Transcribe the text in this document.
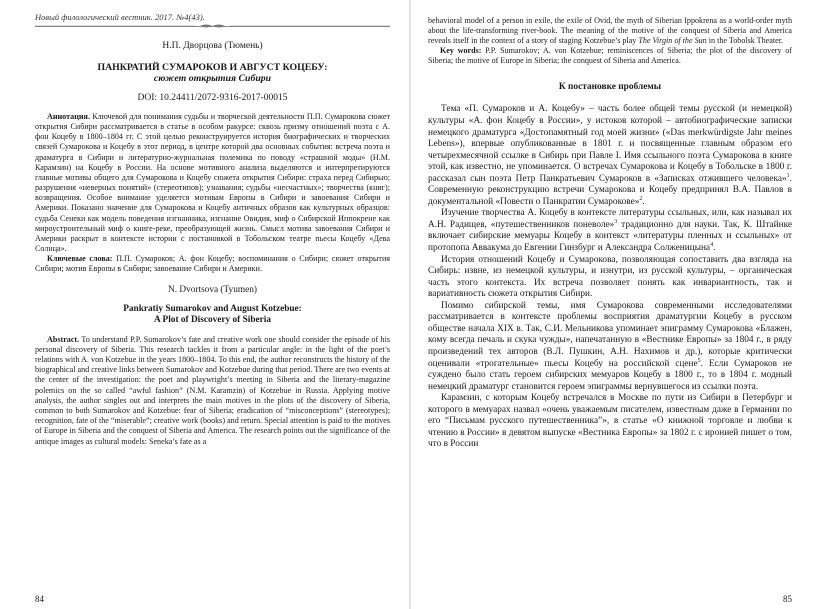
Новый филологический вестник. 2017. №4(43).
Н.П. Дворцова (Тюмень)
ПАНКРАТИЙ СУМАРОКОВ И АВГУСТ КОЦЕБУ:
сюжет открытия Сибири
DOI: 10.24411/2072-9316-2017-00015

Аннотация. Ключевой для понимания судьбы и творческой деятельности П.П. Сумарокова сюжет открытия Сибири рассматривается в статье в особом ракурсе: сквозь призму отношений поэта с А. фон Коцебу в 1800–1804 гг. С этой целью реконструируется история биографических и творческих связей Сумарокова и Коцебу в этот период, в центре которой два основных события: встреча поэта и драматурга в Сибири и литературно-журнальная полемика по поводу «страшной моды» (Н.М. Карамзин) на Коцебу в России. На основе мотивного анализа выделяются и интерпретируются главные мотивы общего для Сумарокова и Коцебу сюжета открытия Сибири: страха перед Сибирью; разрушения «неверных понятий» (стереотипов); узнавания; судьбы «несчастных»; творчества (книг); возвращения. Особое внимание уделяется мотивам Европы в Сибири и завоевания Сибири и Америки. Показано значение для Сумарокова и Коцебу античных образов как культурных образцов: судьба Сенеки как модель поведения изгнанника, изгнание Овидия, миф о Сибирской Иппокрене как мироустроительный миф о книге-реке, преобразующей жизнь. Смысл мотива завоевания Сибири и Америки раскрыт в контексте истории с постановкой в Тобольском театре пьесы Коцебу «Дева Солнца».

Ключевые слова: П.П. Сумароков; А. фон Коцебу; воспоминания о Сибири; сюжет открытия Сибири; мотив Европы в Сибири; завоевание Сибири и Америки.

N. Dvortsova (Tyumen)
Pankratiy Sumarokov and August Kotzebue:
A Plot of Discovery of Siberia

Abstract. To understand P.P. Sumarokov’s fate and creative work one should consider the episode of his personal discovery of Siberia. This research tackles it from a particular angle: in the light of the poet’s relations with A. von Kotzebue in the years 1800–1804. To this end, the author reconstructs the history of the biographical and creative links between Sumarokov and Kotzebue during that period. There are two events at the center of the investigation: the poet and playwright’s meeting in Siberia and the literary-magazine polemics on the so called “awful fashion” (N.M. Karamzin) of Kotzebue in Russia. Applying motive analysis, the author singles out and interprets the main motives in the plots of the discovery of Siberia, common to both Sumarokov and Kotzebue: fear of Siberia; eradication of “misconceptions” (stereotypes); recognition, fate of the “miserable”; creative work (books) and return. Special attention is paid to the motives of Europe in Siberia and the conquest of Siberia and America. The research points out the significance of the antique images as cultural models: Seneka’s fate as a

84

behavioral model of a person in exile, the exile of Ovid, the myth of Siberian Ippokrena as a world-order myth about the life-transforming river-book. The meaning of the motive of the conquest of Siberia and America reveals itself in the context of a story of staging Kotzebue’s play The Virgin of the Sun in the Tobolsk Theater.

Key words: P.P. Sumarokov; A. von Kotzebue; reminiscences of Siberia; the plot of the discovery of Siberia; the motive of Europe in Siberia; the conquest of Siberia and America.

К постановке проблемы

Тема «П. Сумароков и А. Коцебу» – часть более общей темы русской (и немецкой) культуры «А. фон Коцебу в России», у истоков которой – автобиографические записки немецкого драматурга «Достопамятный год моей жизни» («Das merkwürdigste Jahr meines Lebens»), впервые опубликованные в 1801 г. и посвященные главным образом его четырехмесячной ссылке в Сибирь при Павле I. Имя ссыльного поэта Сумарокова в книге этой, как известно, не упоминается. О встречах Сумарокова и Коцебу в Тобольске в 1800 г. рассказал сын поэта Петр Панкратьевич Сумароков в «Записках отжившего человека»$^1$. Современную реконструкцию встречи Сумарокова и Коцебу предпринял В.А. Павлов в документальной «Повести о Панкратии Сумарокове»$^2$.

Изучение творчества А. Коцебу в контексте литературы ссыльных, или, как называл их А.Н. Радищев, «путешественников поневоле»$^3$ традиционно для науки. Так, К. Штайнке включает сибирские мемуары Коцебу в контекст «литературы пленных и ссыльных» от протопопа Аввакума до Евгении Гинзбург и Александра Солженицына$^4$.

История отношений Коцебу и Сумарокова, позволяющая сопоставить два взгляда на Сибирь: извне, из немецкой культуры, и изнутри, из русской культуры, – органическая часть этого контекста. Их встреча позволяет понять как инвариантность, так и вариативность сюжета открытия Сибири.

Помимо сибирской темы, имя Сумарокова современными исследователями рассматривается в контексте проблемы восприятия драматургии Коцебу в русском обществе начала XIX в. Так, С.И. Мельникова упоминает эпиграмму Сумарокова «Блажен, кому всегда печаль и скука чужды», напечатанную в «Вестнике Европы» за 1804 г., в ряду произведений тех авторов (В.Л. Пушкин, А.Н. Нахимов и др.), которые критически оценивали «трогательные» пьесы Коцебу на российской сцене$^5$. Если Сумароков не суждено было стать героем сибирских мемуаров Коцебу в 1800 г., то в 1804 г. модный немецкий драматург становится героем эпиграммы вернувшегося из ссылки поэта.

Карамзин, с которым Коцебу встречался в Москве по пути из Сибири в Петербург и которого в мемуарах назвал «очень уважаемым писателем, известным даже в Германии по его “Письмам русского путешественника”», в статье «О книжной торговле и любви к чтению в России» в девятом выпуске «Вестника Европы» за 1802 г. с иронией пишет о том, что в России

85
